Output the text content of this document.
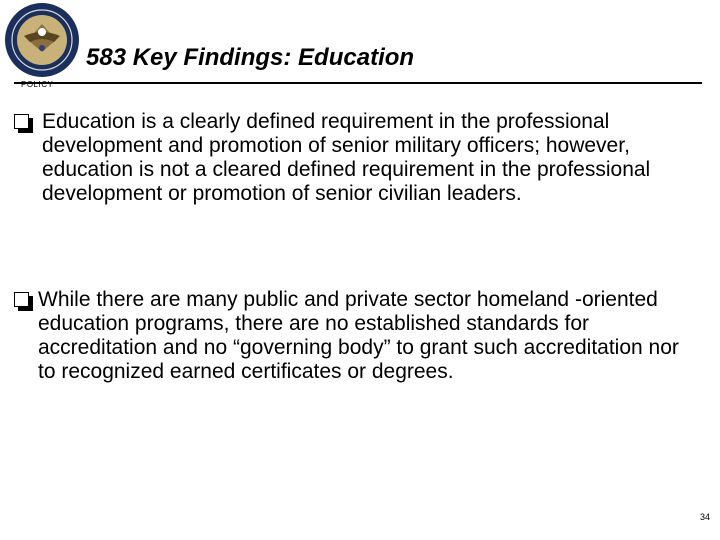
POLICY
583 Key Findings: Education

Education is a clearly defined requirement in the professional development and promotion of senior military officers; however, education is not a cleared defined requirement in the professional development or promotion of senior civilian leaders.

While there are many public and private sector homeland -oriented education programs, there are no established standards for accreditation and no “governing body” to grant such accreditation nor to recognized earned certificates or degrees.

34
